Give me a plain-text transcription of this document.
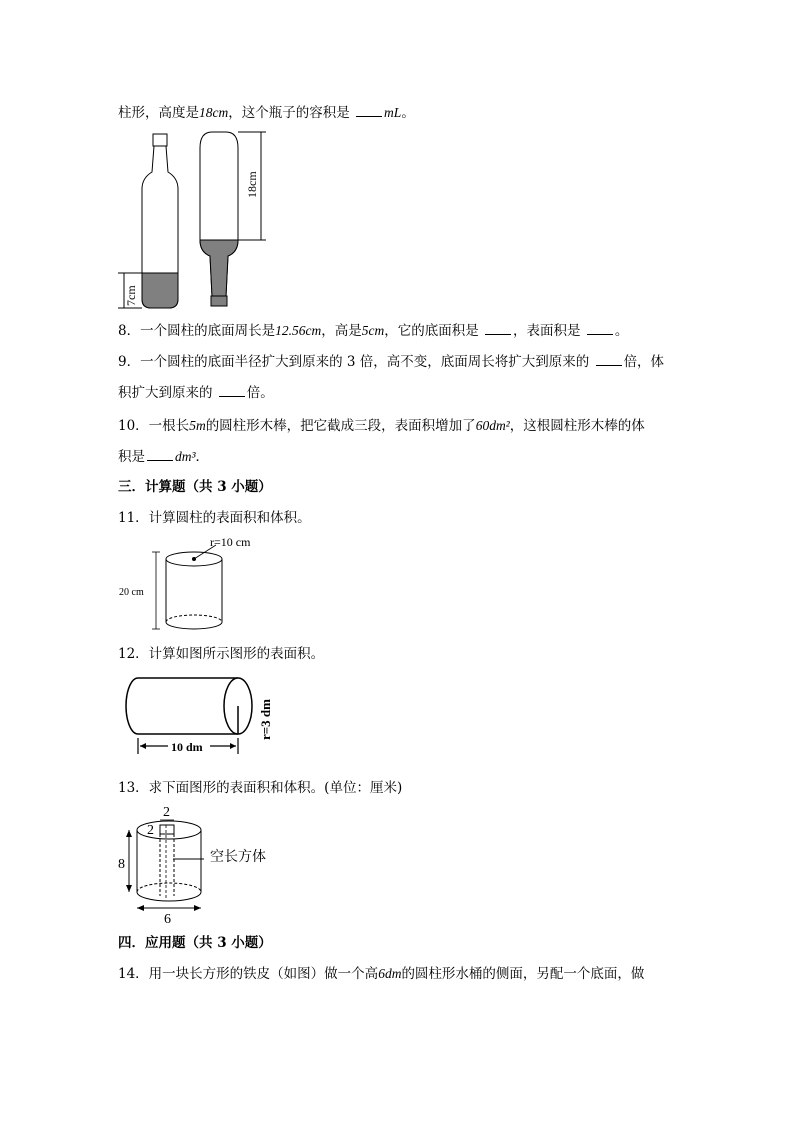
柱形，高度是18cm，这个瓶子的容积是	mL。
7cm
18cm
8．一个圆柱的底面周长是12.56cm，高是5cm，它的底面积是	，表面积是	。
9．一个圆柱的底面半径扩大到原来的 3 倍，高不变，底面周长将扩大到原来的	倍，体
积扩大到原来的	倍。
10．一根长5m的圆柱形木棒，把它截成三段，表面积增加了60dm²，这根圆柱形木棒的体
积是 dm³．
三．计算题（共 3 小题）
11．计算圆柱的表面积和体积。
r=10 cm
20 cm
12．计算如图所示图形的表面积。
10 dm
r=3 dm
13．求下面图形的表面积和体积。(单位：厘米)
2
2
8
6
空长方体
四．应用题（共 3 小题）
14．用一块长方形的铁皮（如图）做一个高6dm的圆柱形水桶的侧面，另配一个底面，做
